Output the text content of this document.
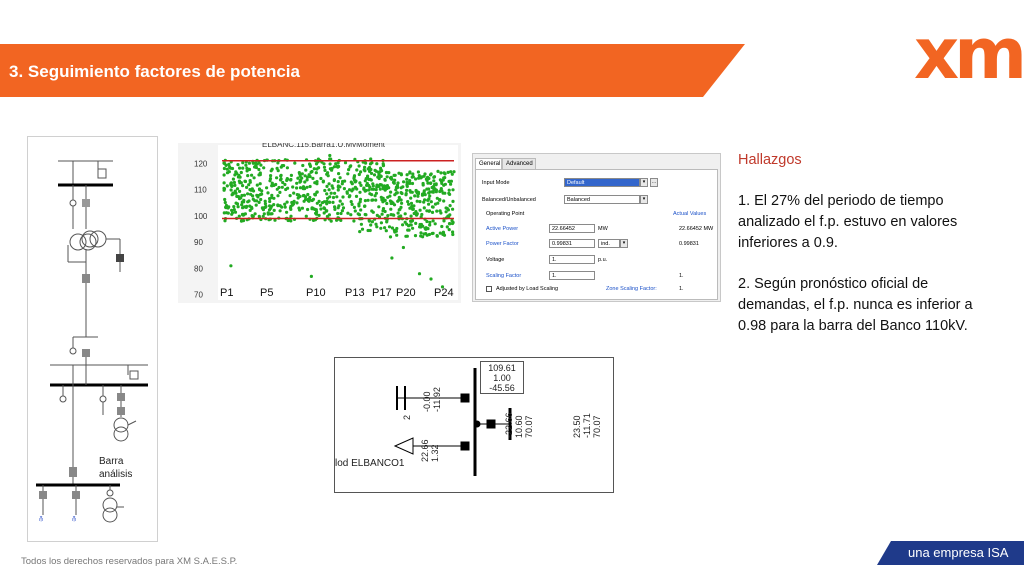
3. Seguimiento factores de potencia	xm
⫚	⫚
Barra
análisis
70
80
90
100
110
120
P1 P5	P10 P13 P17 P20 P24
ELBANC.115.Barra1.U.MvMoment
General Advanced
Input Mode	Default	▾	…
Balanced/Unbalanced	Balanced	▾
Operating Point	Actual Values
Active Power	22.66452	MW	22.66452 MW
Power Factor	0.99831	ind.	▾	0.99831
Voltage	1.	p.u.
Scaling Factor	1.	1.
Adjusted by Load Scaling	Zone Scaling Factor:	1.
109.61
1.00
-45.56
-0.00 -11.92
2
22.66 1.32
-22.66 10.60 70.07	23.50 -11.71 70.07
lod ELBANCO1

Hallazgos

1. El 27% del periodo de tiempo analizado el f.p. estuvo en valores inferiores a 0.9.

2. Según pronóstico oficial de demandas, el f.p. nunca es inferior a 0.98 para la barra del Banco 110kV.

Todos los derechos reservados para XM S.A.E.S.P.
una empresa ISA
